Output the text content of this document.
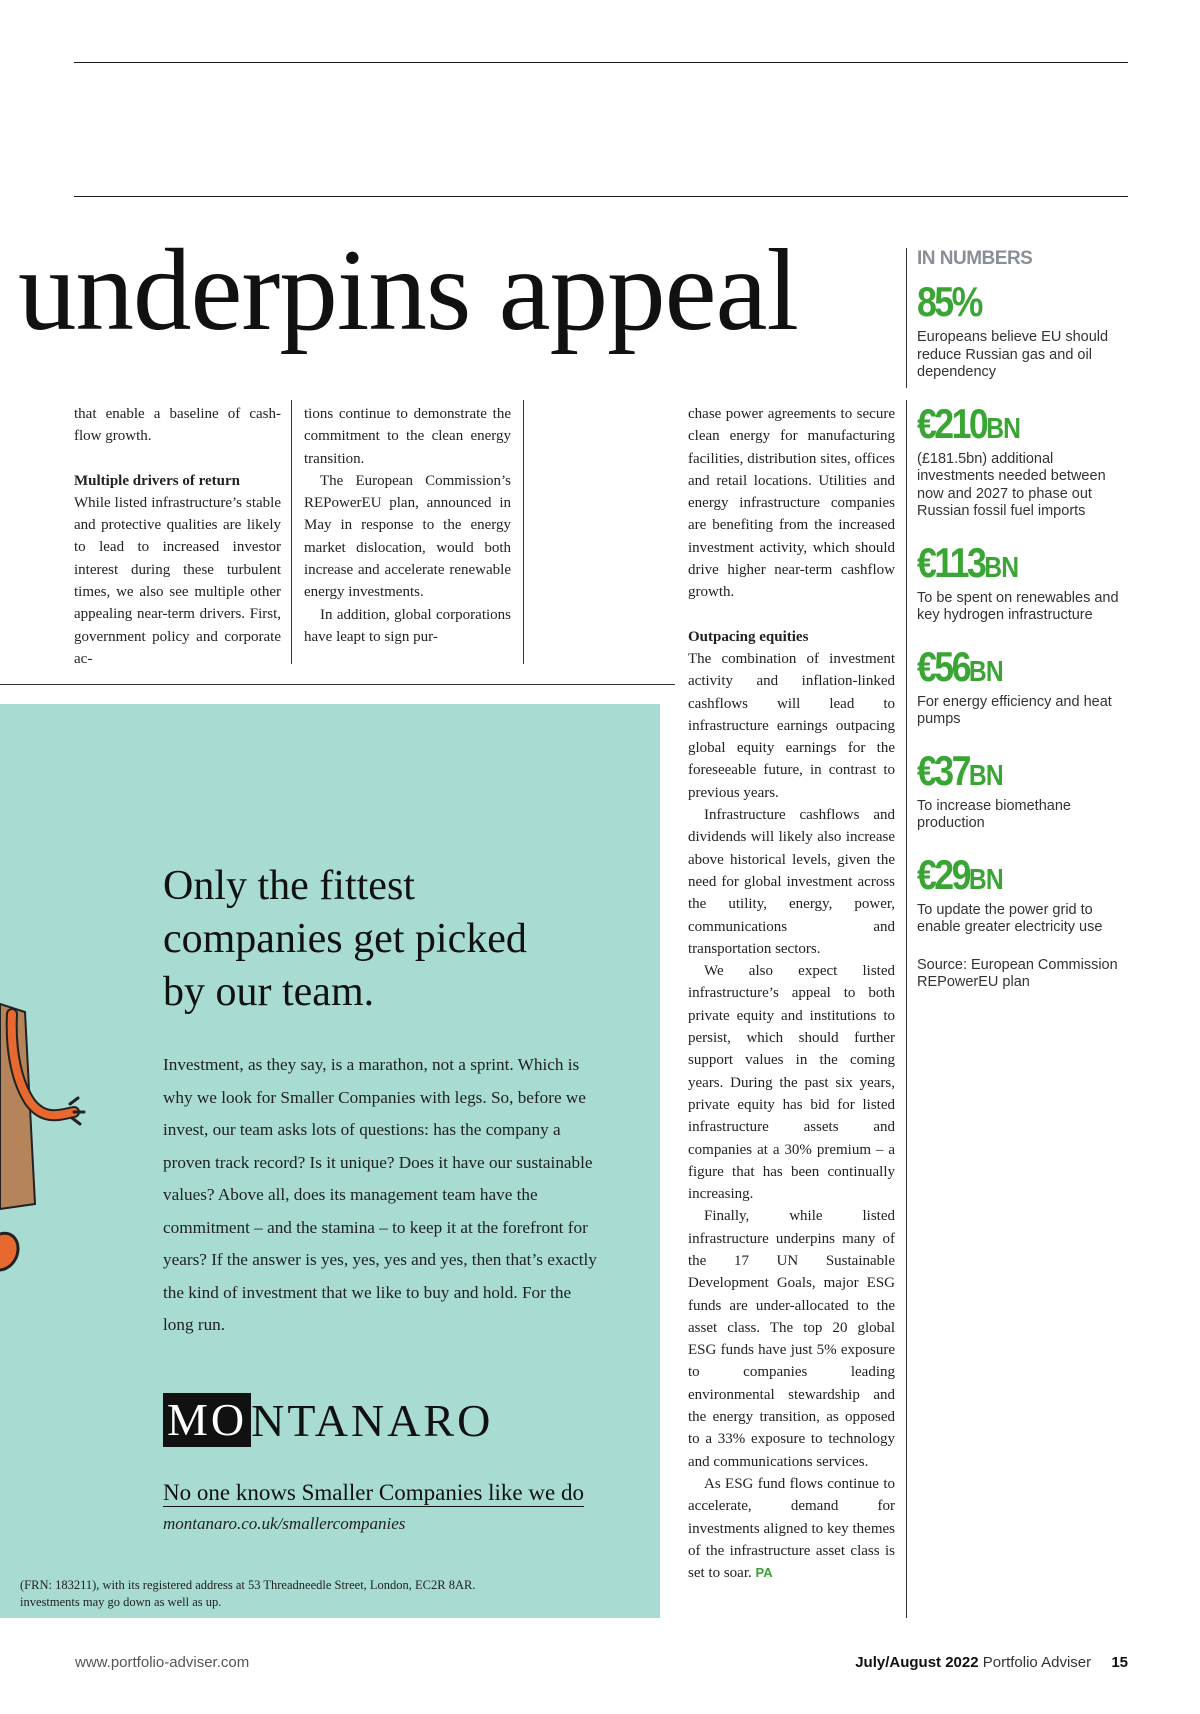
underpins appeal

that enable a baseline of cash-flow growth.

Multiple drivers of return

While listed infrastructure’s stable and protective qualities are likely to lead to increased investor interest during these turbulent times, we also see multiple other appealing near-term drivers. First, government policy and corporate ac-

tions continue to demonstrate the commitment to the clean energy transition.

The European Commission’s REPowerEU plan, announced in May in response to the energy market dislocation, would both increase and accelerate renewable energy investments.

In addition, global corporations have leapt to sign pur-

chase power agreements to secure clean energy for manufacturing facilities, distribution sites, offices and retail locations. Utilities and energy infrastructure companies are benefiting from the increased investment activity, which should drive higher near-term cashflow growth.

Outpacing equities

The combination of investment activity and inflation-linked cashflows will lead to infrastructure earnings outpacing global equity earnings for the foreseeable future, in contrast to previous years.

Infrastructure cashflows and dividends will likely also increase above historical levels, given the need for global investment across the utility, energy, power, communications and transportation sectors.

We also expect listed infrastructure’s appeal to both private equity and institutions to persist, which should further support values in the coming years. During the past six years, private equity has bid for listed infrastructure assets and companies at a 30% premium – a figure that has been continually increasing.

Finally, while listed infrastructure underpins many of the 17 UN Sustainable Development Goals, major ESG funds are under-allocated to the asset class. The top 20 global ESG funds have just 5% exposure to companies leading environmental stewardship and the energy transition, as opposed to a 33% exposure to technology and communications services.

As ESG fund flows continue to accelerate, demand for investments aligned to key themes of the infrastructure asset class is set to soar. PA

IN NUMBERS
85%
Europeans believe EU should reduce Russian gas and oil dependency
€210BN
(£181.5bn) additional investments needed between now and 2027 to phase out Russian fossil fuel imports
€113BN
To be spent on renewables and key hydrogen infrastructure
€56BN
For energy efficiency and heat pumps
€37BN
To increase biomethane production
€29BN
To update the power grid to enable greater electricity use
Source: European Commission REPowerEU plan
Only the fittest
companies get picked
by our team.
Investment, as they say, is a marathon, not a sprint. Which is why we look for Smaller Companies with legs. So, before we invest, our team asks lots of questions: has the company a proven track record? Is it unique? Does it have our sustainable values? Above all, does its management team have the commitment – and the stamina – to keep it at the forefront for years? If the answer is yes, yes, yes and yes, then that’s exactly the kind of investment that we like to buy and hold. For the long run.
MO NTANARO
No one knows Smaller Companies like we do
montanaro.co.uk/smallercompanies
(FRN: 183211), with its registered address at 53 Threadneedle Street, London, EC2R 8AR.
investments may go down as well as up.
www.portfolio-adviser.com	July/August 2022 Portfolio Adviser 15
